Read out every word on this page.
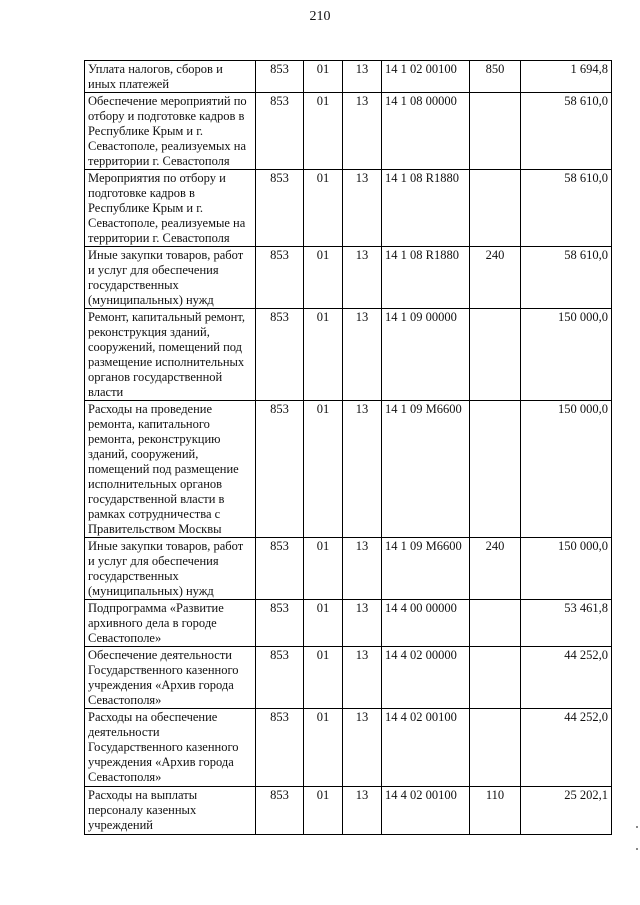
210
Уплата налогов, сборов и иных платежей	853	01	13	14 1 02 00100	850	1 694,8
Обеспечение мероприятий по отбору и подготовке кадров в Республике Крым и г. Севастополе, реализуемых на территории г. Севастополя	853	01	13	14 1 08 00000		58 610,0
Мероприятия по отбору и подготовке кадров в Республике Крым и г. Севастополе, реализуемые на территории г. Севастополя	853	01	13	14 1 08 R1880		58 610,0
Иные закупки товаров, работ и услуг для обеспечения государственных (муниципальных) нужд	853	01	13	14 1 08 R1880	240	58 610,0
Ремонт, капитальный ремонт, реконструкция зданий, сооружений, помещений под размещение исполнительных органов государственной власти	853	01	13	14 1 09 00000		150 000,0
Расходы на проведение ремонта, капитального ремонта, реконструкцию зданий, сооружений, помещений под размещение исполнительных органов государственной власти в рамках сотрудничества с Правительством Москвы	853	01	13	14 1 09 M6600		150 000,0
Иные закупки товаров, работ и услуг для обеспечения государственных (муниципальных) нужд	853	01	13	14 1 09 M6600	240	150 000,0
Подпрограмма «Развитие архивного дела в городе Севастополе»	853	01	13	14 4 00 00000		53 461,8
Обеспечение деятельности Государственного казенного учреждения «Архив города Севастополя»	853	01	13	14 4 02 00000		44 252,0
Расходы на обеспечение деятельности Государственного казенного учреждения «Архив города Севастополя»	853	01	13	14 4 02 00100		44 252,0
Расходы на выплаты персоналу казенных учреждений	853	01	13	14 4 02 00100	110	25 202,1
